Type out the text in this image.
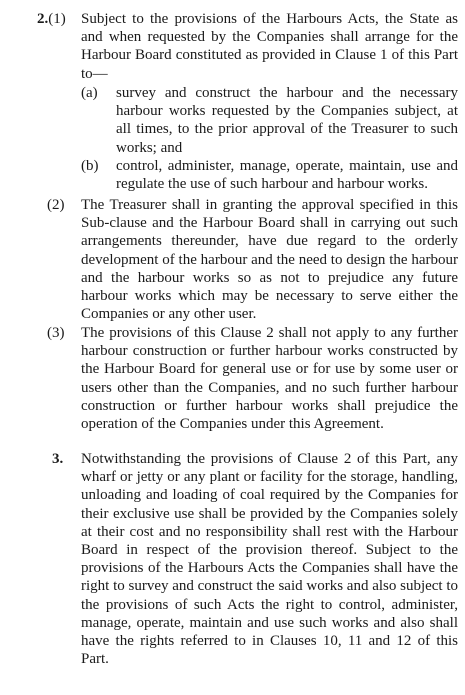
2.(1) Subject to the provisions of the Harbours Acts, the State as and when requested by the Companies shall arrange for the Harbour Board constituted as provided in Clause 1 of this Part to—
(a) survey and construct the harbour and the necessary harbour works requested by the Companies subject, at all times, to the prior approval of the Treasurer to such works; and
(b) control, administer, manage, operate, maintain, use and regulate the use of such harbour and harbour works.
(2) The Treasurer shall in granting the approval specified in this Sub-clause and the Harbour Board shall in carrying out such arrangements thereunder, have due regard to the orderly development of the harbour and the need to design the harbour and the harbour works so as not to prejudice any future harbour works which may be necessary to serve either the Companies or any other user.
(3) The provisions of this Clause 2 shall not apply to any further harbour construction or further harbour works constructed by the Harbour Board for general use or for use by some user or users other than the Companies, and no such further harbour construction or further harbour works shall prejudice the operation of the Companies under this Agreement.
3. Notwithstanding the provisions of Clause 2 of this Part, any wharf or jetty or any plant or facility for the storage, handling, unloading and loading of coal required by the Companies for their exclusive use shall be provided by the Companies solely at their cost and no responsibility shall rest with the Harbour Board in respect of the provision thereof. Subject to the provisions of the Harbours Acts the Companies shall have the right to survey and construct the said works and also subject to the provisions of such Acts the right to control, administer, manage, operate, maintain and use such works and also shall have the rights referred to in Clauses 10, 11 and 12 of this Part.
